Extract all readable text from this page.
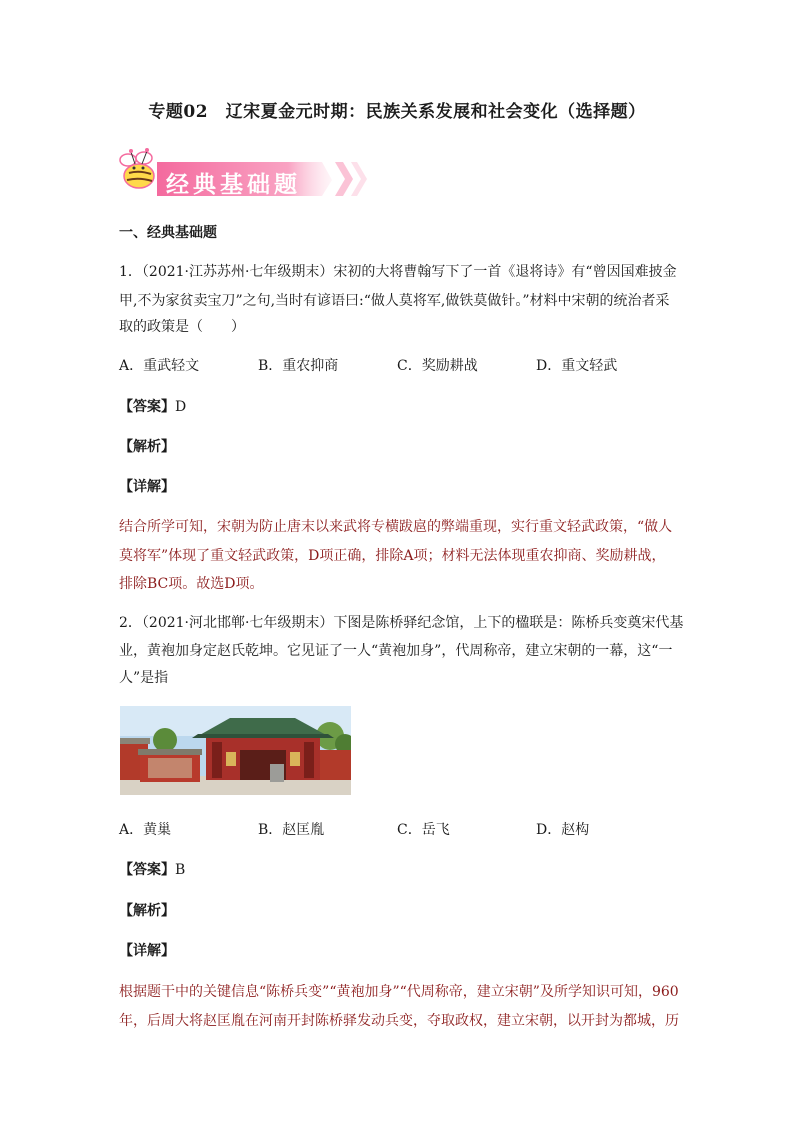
专题02　辽宋夏金元时期：民族关系发展和社会变化（选择题）
经典基础题
一、经典基础题
1．（2021·江苏苏州·七年级期末）宋初的大将曹翰写下了一首《退将诗》有“曾因国难披金
甲,不为家贫卖宝刀”之句,当时有谚语曰:“做人莫将军,做铁莫做针。”材料中宋朝的统治者采
取的政策是（　　）
A．重武轻文	B．重农抑商	C．奖励耕战	D．重文轻武
【答案】D
【解析】
【详解】
结合所学可知，宋朝为防止唐末以来武将专横跋扈的弊端重现，实行重文轻武政策，“做人
莫将军”体现了重文轻武政策，D项正确，排除A项；材料无法体现重农抑商、奖励耕战，
排除BC项。故选D项。
2．（2021·河北邯郸·七年级期末）下图是陈桥驿纪念馆，上下的楹联是：陈桥兵变奠宋代基
业，黄袍加身定赵氏乾坤。它见证了一人“黄袍加身”，代周称帝，建立宋朝的一幕，这“一
人”是指
A．黄巢	B．赵匡胤	C．岳飞	D．赵构
【答案】B
【解析】
【详解】
根据题干中的关键信息“陈桥兵变”“黄袍加身”“代周称帝，建立宋朝”及所学知识可知，960
年，后周大将赵匡胤在河南开封陈桥驿发动兵变，夺取政权，建立宋朝，以开封为都城，历
